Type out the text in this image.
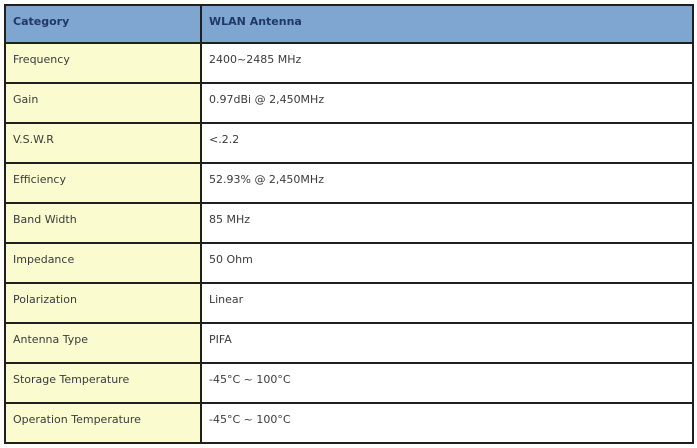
Category	WLAN Antenna
Frequency	2400~2485 MHz
Gain	0.97dBi @ 2,450MHz
V.S.W.R	<.2.2
Efficiency	52.93% @ 2,450MHz
Band Width	85 MHz
Impedance	50 Ohm
Polarization	Linear
Antenna Type	PIFA
Storage Temperature	-45°C ~ 100°C
Operation Temperature	-45°C ~ 100°C
